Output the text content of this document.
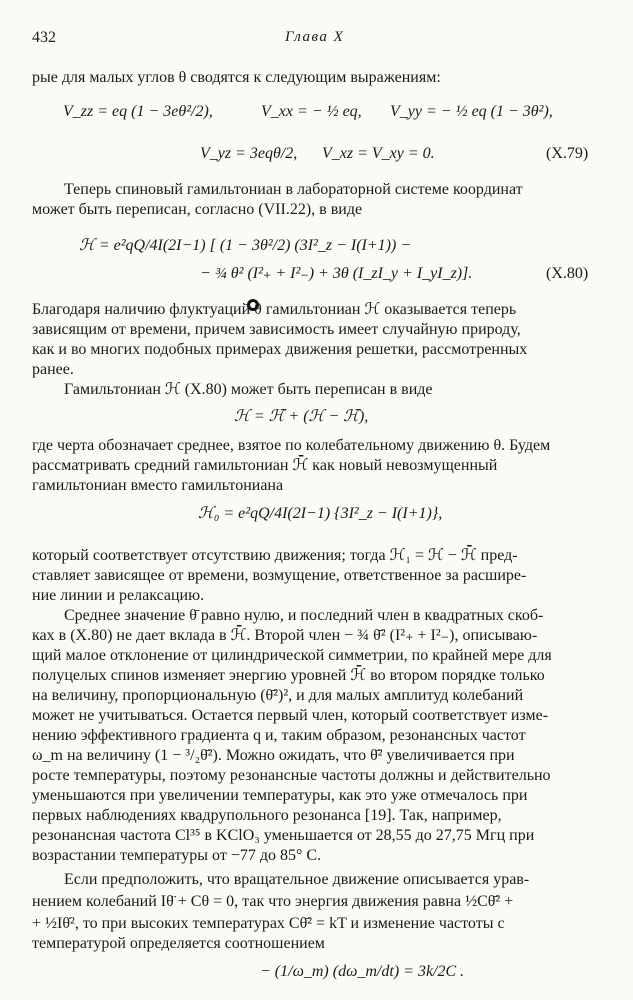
432	Глава X
рые для малых углов θ сводятся к следующим выражениям:
V_zz = eq (1 − 3eθ²/2),	V_xx = − ½ eq, V_yy = − ½ eq (1 − 3θ²),
V_yz = 3eqθ/2, V_xz = V_xy = 0.	(X.79)
Теперь спиновый гамильтониан в лабораторной системе координат
может быть переписан, согласно (VII.22), в виде
ℋ = e²qQ/4I(2I−1) [ (1 − 3θ²/2) (3I²_z − I(I+1)) −
− ¾ θ² (I²₊ + I²₋) + 3θ (I_zI_y + I_yI_z)].	(X.80)
Благодаря наличию флуктуаций θ гамильтониан ℋ оказывается теперь
зависящим от времени, причем зависимость имеет случайную природу,
как и во многих подобных примерах движения решетки, рассмотренных
ранее.
Гамильтониан ℋ (X.80) может быть переписан в виде
ℋ = ℋ̄ + (ℋ − ℋ̄),
где черта обозначает среднее, взятое по колебательному движению θ. Будем
рассматривать средний гамильтониан ℋ̄ как новый невозмущенный
гамильтониан вместо гамильтониана
ℋ₀ = e²qQ/4I(2I−1) {3I²_z − I(I+1)},
который соответствует отсутствию движения; тогда ℋ₁ = ℋ − ℋ̄ пред-
ставляет зависящее от времени, возмущение, ответственное за расшире-
ние линии и релаксацию.
Среднее значение θ̄ равно нулю, и последний член в квадратных скоб-
ках в (X.80) не дает вклада в ℋ̄. Второй член − ¾ θ̄² (I²₊ + I²₋), описываю-
щий малое отклонение от цилиндрической симметрии, по крайней мере для
полуцелых спинов изменяет энергию уровней ℋ̄ во втором порядке только
на величину, пропорциональную (θ̄²)², и для малых амплитуд колебаний
может не учитываться. Остается первый член, который соответствует изме-
нению эффективного градиента q и, таким образом, резонансных частот
ω_m на величину (1 − ³/₂θ̄²). Можно ожидать, что θ̄² увеличивается при
росте температуры, поэтому резонансные частоты должны и действительно
уменьшаются при увеличении температуры, как это уже отмечалось при
первых наблюдениях квадрупольного резонанса [19]. Так, например,
резонансная частота Cl³⁵ в KClO₃ уменьшается от 28,55 до 27,75 Мгц при
возрастании температуры от −77 до 85° С.
Если предположить, что вращательное движение описывается урав-
нением колебаний Iθ̈ + Cθ = 0, так что энергия движения равна ½Cθ̄² +
+ ½Iθ̇², то при высоких температурах Cθ̄² = kT и изменение частоты с
температурой определяется соотношением
− (1/ω_m) (dω_m/dt) = 3k/2C .
